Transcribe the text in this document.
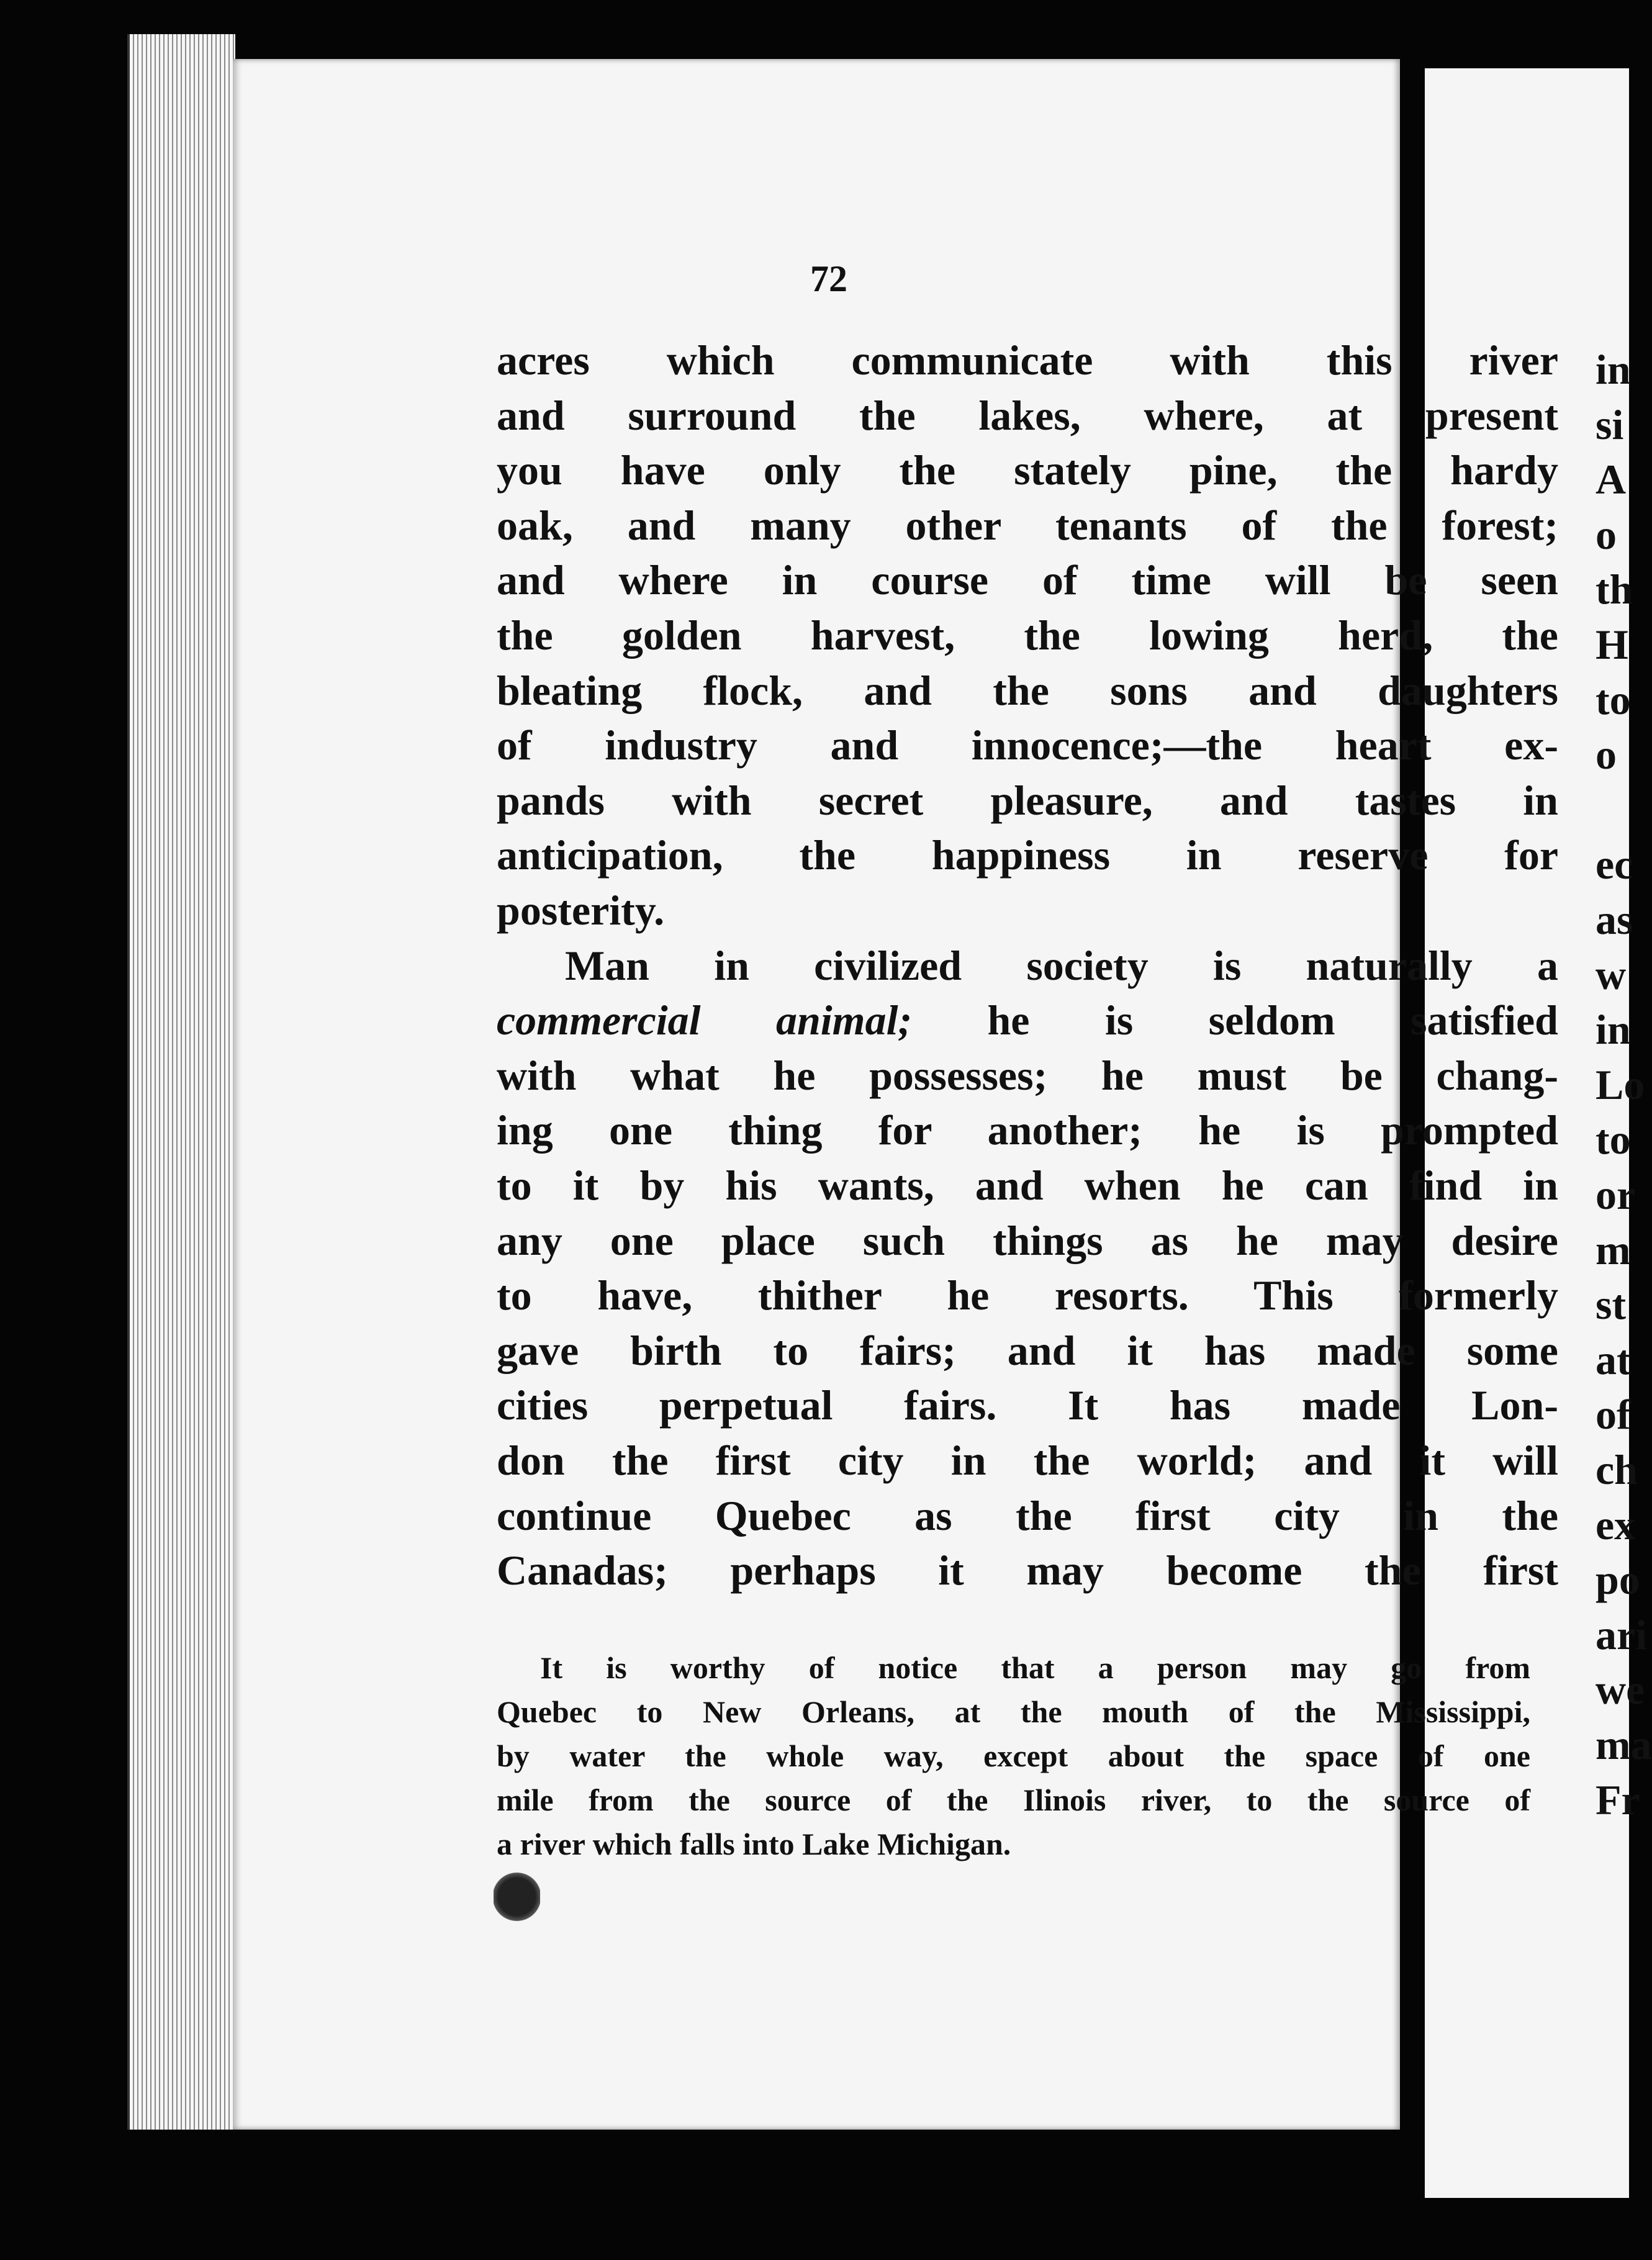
72
in
si
A
o
th
H
to
o
ec
as
w
in
Lo
to
or
m
st
at
of
ch
ex
po
ari
we
ma
Fr
acres which communicate with this river
and surround the lakes, where, at present
you have only the stately pine, the hardy
oak, and many other tenants of the forest;
and where in course of time will be seen
the golden harvest, the lowing herd, the
bleating flock, and the sons and daughters
of industry and innocence;—the heart ex-
pands with secret pleasure, and tastes in
anticipation, the happiness in reserve for
posterity.
Man in civilized society is naturally a
commercial animal; he is seldom satisfied
with what he possesses; he must be chang-
ing one thing for another; he is prompted
to it by his wants, and when he can find in
any one place such things as he may desire
to have, thither he resorts. This formerly
gave birth to fairs; and it has made some
cities perpetual fairs. It has made Lon-
don the first city in the world; and it will
continue Quebec as the first city in the
Canadas; perhaps it may become the first
It is worthy of notice that a person may go from
Quebec to New Orleans, at the mouth of the Mississippi,
by water the whole way, except about the space of one
mile from the source of the Ilinois river, to the source of
a river which falls into Lake Michigan.
